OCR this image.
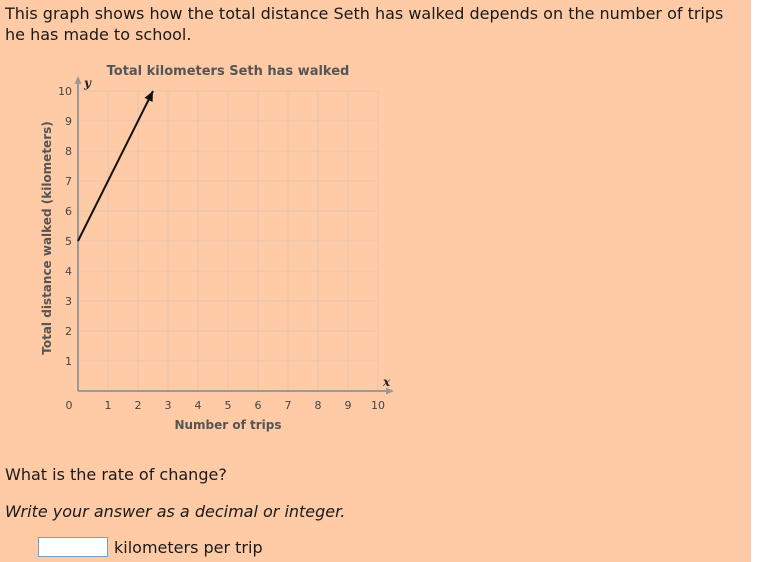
This graph shows how the total distance Seth has walked depends on the number of trips he has made to school.
0	1 2 3 4 5 6 7 8 9 10
1
2
3
4
5
6
7
8
9
10
Total kilometers Seth has walked
Number of trips
Total distance walked (kilometers)
x
y
What is the rate of change?
Write your answer as a decimal or integer.
kilometers per trip
